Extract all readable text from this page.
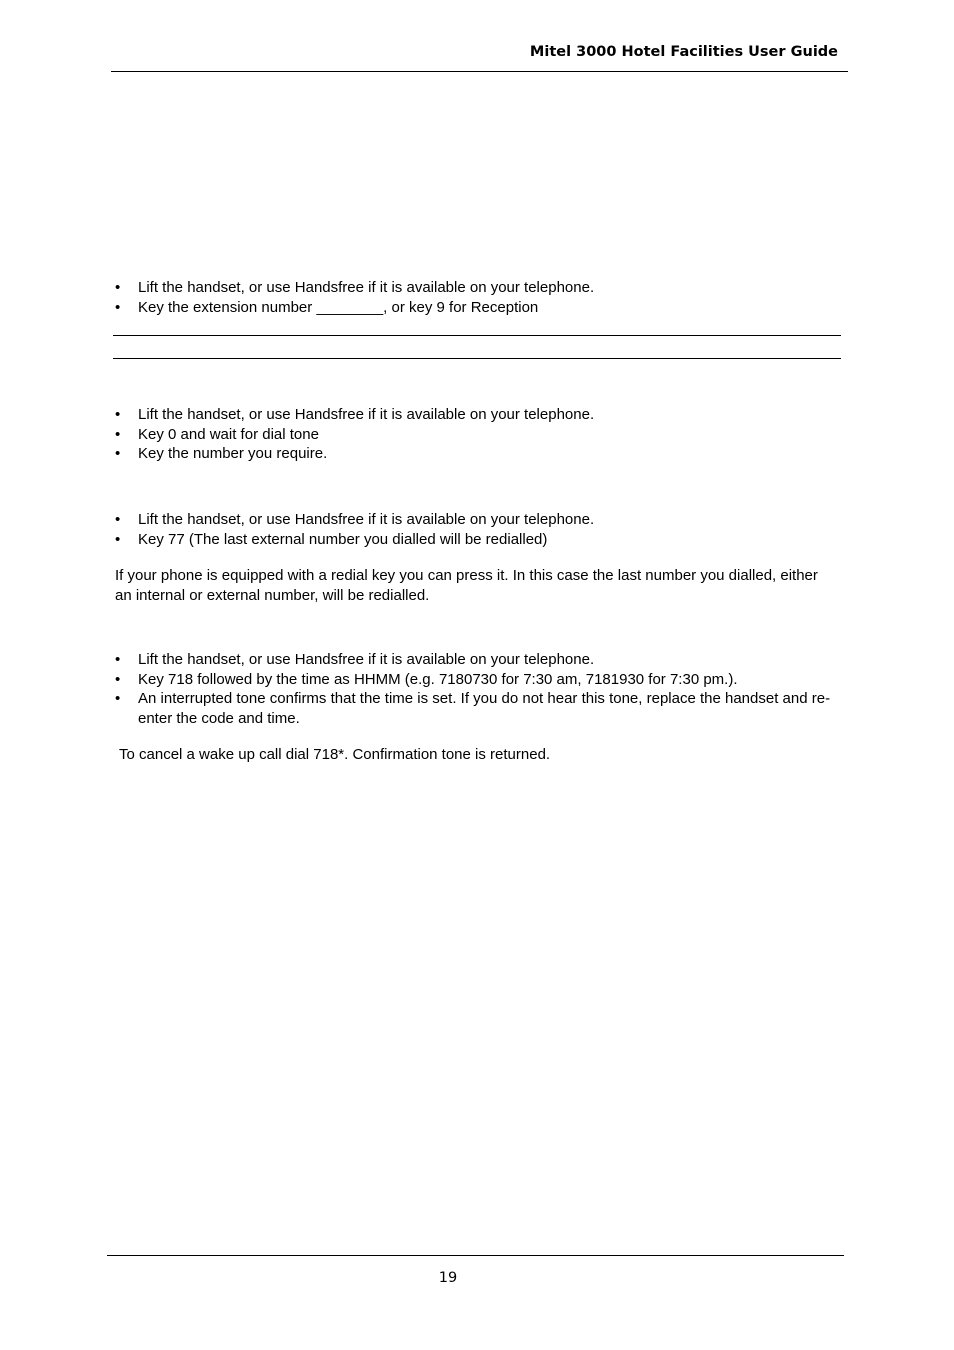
Mitel 3000 Hotel Facilities User Guide
• Lift the handset, or use Handsfree if it is available on your telephone.
• Key the extension number ________, or key 9 for Reception
• Lift the handset, or use Handsfree if it is available on your telephone.
• Key 0 and wait for dial tone
• Key the number you require.
• Lift the handset, or use Handsfree if it is available on your telephone.
• Key 77 (The last external number you dialled will be redialled)

If your phone is equipped with a redial key you can press it. In this case the last number you dialled, either an internal or external number, will be redialled.

• Lift the handset, or use Handsfree if it is available on your telephone.
• Key 718 followed by the time as HHMM (e.g. 7180730 for 7:30 am, 7181930 for 7:30 pm.).
• An interrupted tone confirms that the time is set. If you do not hear this tone, replace the handset and re-enter the code and time.

To cancel a wake up call dial 718*. Confirmation tone is returned.

19
